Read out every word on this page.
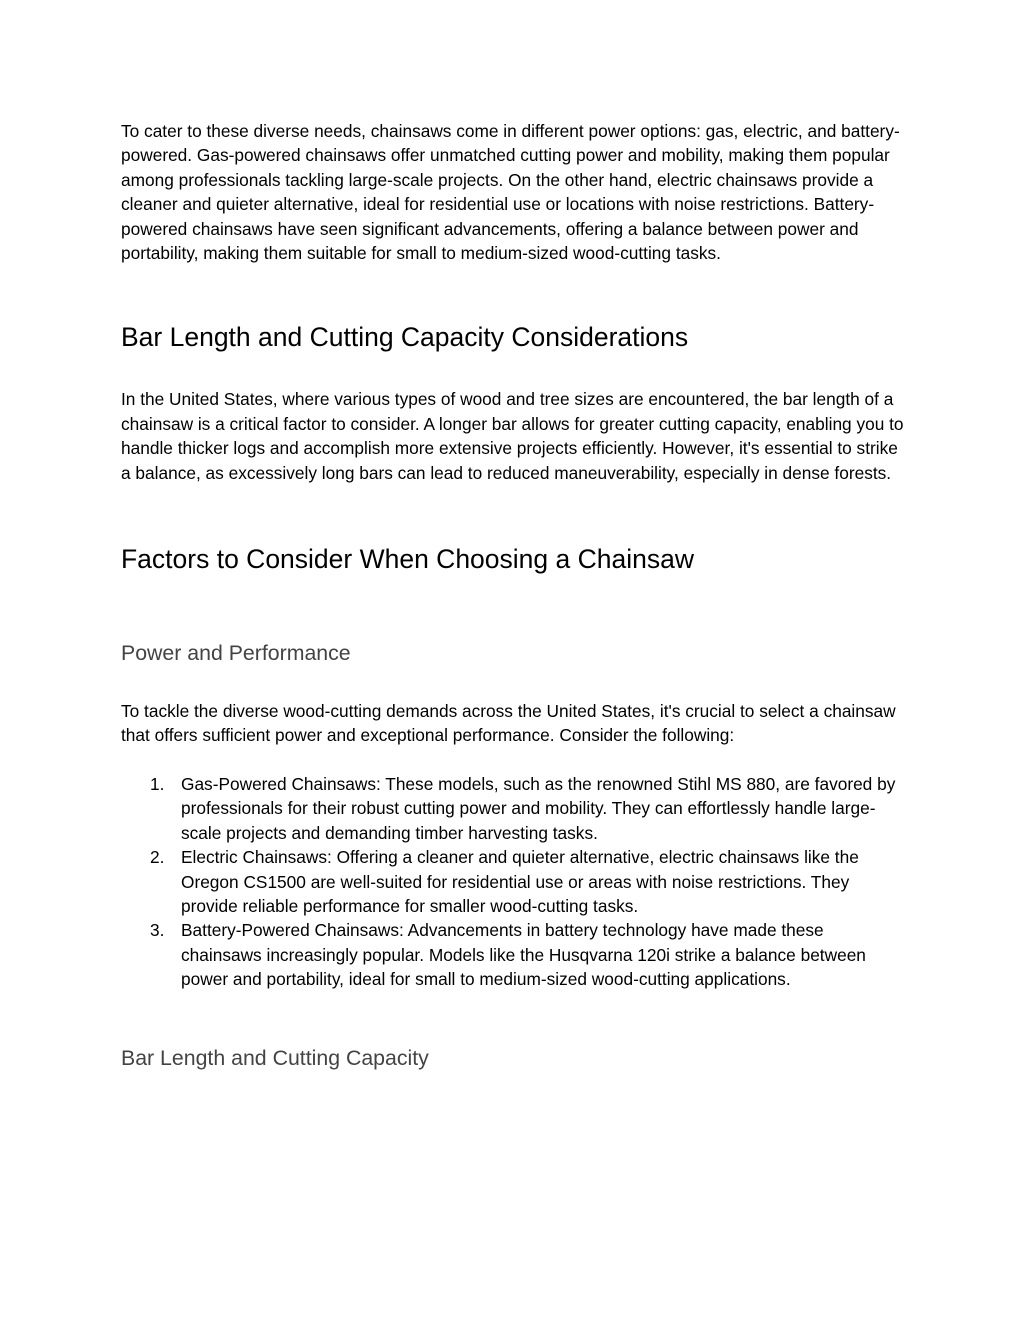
To cater to these diverse needs, chainsaws come in different power options: gas, electric, and battery-powered. Gas-powered chainsaws offer unmatched cutting power and mobility, making them popular among professionals tackling large-scale projects. On the other hand, electric chainsaws provide a cleaner and quieter alternative, ideal for residential use or locations with noise restrictions. Battery-powered chainsaws have seen significant advancements, offering a balance between power and portability, making them suitable for small to medium-sized wood-cutting tasks.

Bar Length and Cutting Capacity Considerations

In the United States, where various types of wood and tree sizes are encountered, the bar length of a chainsaw is a critical factor to consider. A longer bar allows for greater cutting capacity, enabling you to handle thicker logs and accomplish more extensive projects efficiently. However, it's essential to strike a balance, as excessively long bars can lead to reduced maneuverability, especially in dense forests.

Factors to Consider When Choosing a Chainsaw
Power and Performance

To tackle the diverse wood-cutting demands across the United States, it's crucial to select a chainsaw that offers sufficient power and exceptional performance. Consider the following:

1. Gas-Powered Chainsaws: These models, such as the renowned Stihl MS 880, are favored by professionals for their robust cutting power and mobility. They can effortlessly handle large-scale projects and demanding timber harvesting tasks.
2. Electric Chainsaws: Offering a cleaner and quieter alternative, electric chainsaws like the Oregon CS1500 are well-suited for residential use or areas with noise restrictions. They provide reliable performance for smaller wood-cutting tasks.
3. Battery-Powered Chainsaws: Advancements in battery technology have made these chainsaws increasingly popular. Models like the Husqvarna 120i strike a balance between power and portability, ideal for small to medium-sized wood-cutting applications.
Bar Length and Cutting Capacity
